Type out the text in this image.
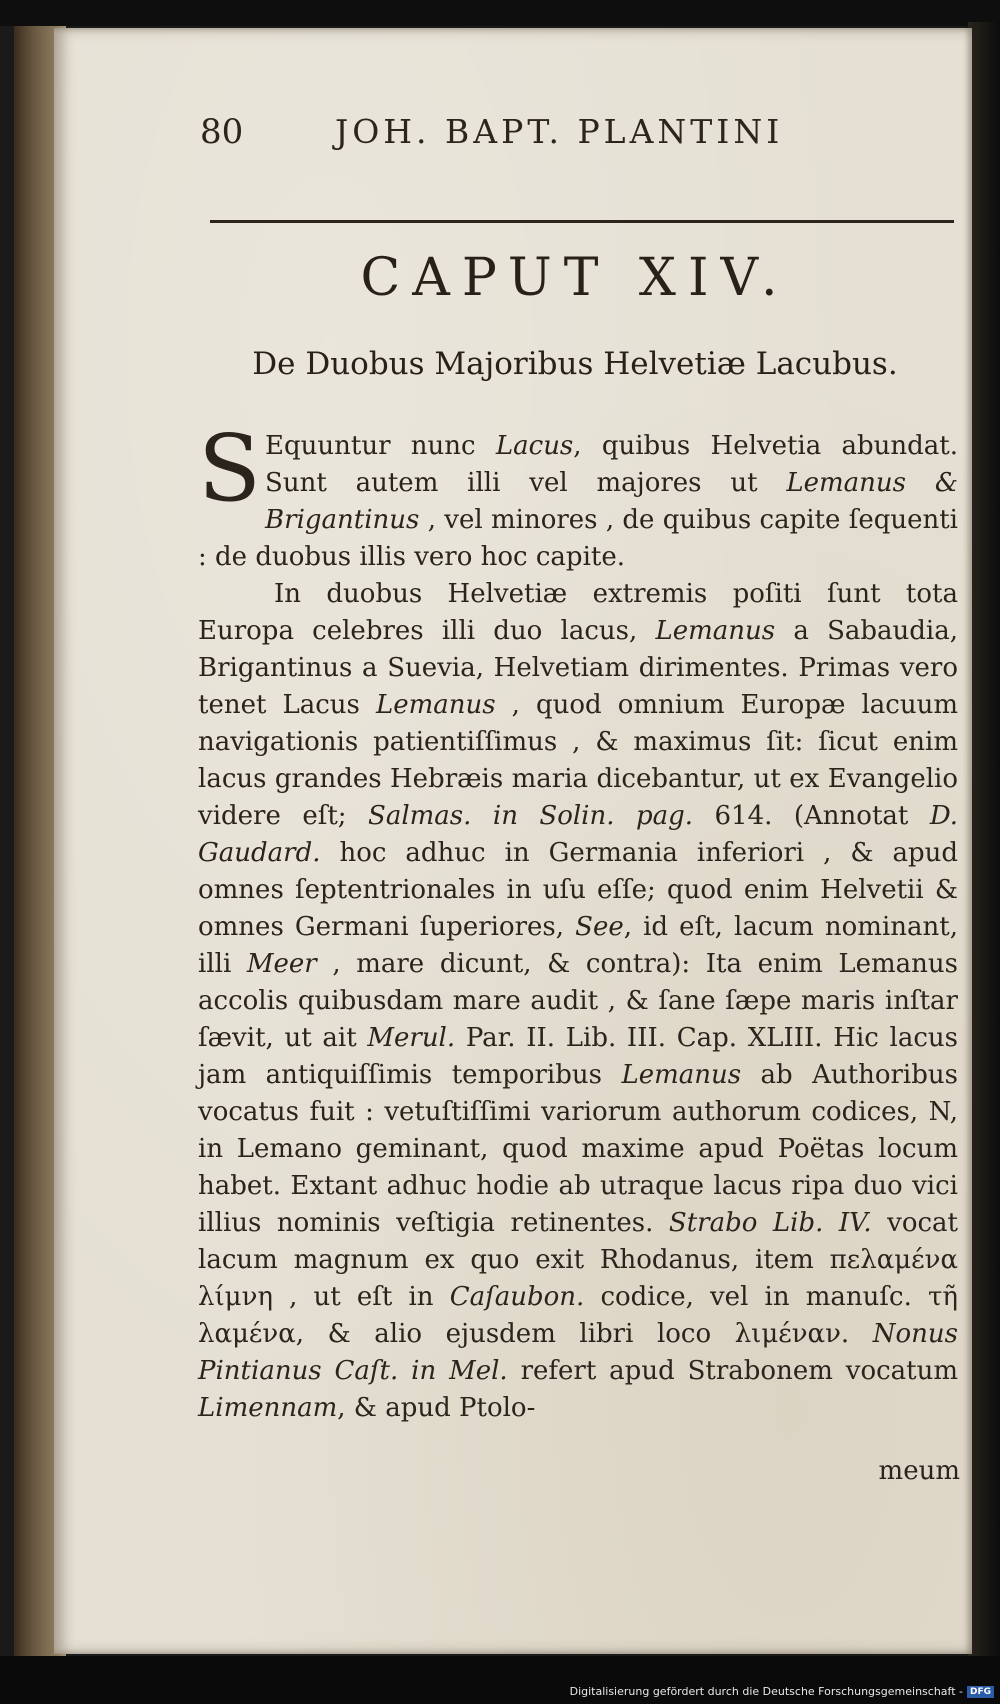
80	JOH. BAPT. PLANTINI
CAPUT XIV.
De Duobus Majoribus Helvetiæ Lacubus.

S Equuntur nunc Lacus, quibus Helvetia abundat. Sunt autem illi vel majores ut Lemanus & Brigantinus , vel minores , de quibus capite ſequenti : de duobus illis vero hoc capite.

In duobus Helvetiæ extremis poſiti ſunt tota Europa celebres illi duo lacus, Lemanus a Sabaudia, Brigantinus a Suevia, Helvetiam dirimentes. Primas vero tenet Lacus Lemanus , quod omnium Europæ lacuum navigationis patientiſſimus , & maximus ſit: ſicut enim lacus grandes Hebræis maria dicebantur, ut ex Evangelio videre eſt; Salmas. in Solin. pag. 614. (Annotat D. Gaudard. hoc adhuc in Germania inferiori , & apud omnes ſeptentrionales in uſu eſſe; quod enim Helvetii & omnes Germani ſuperiores, See, id eſt, lacum nominant, illi Meer , mare dicunt, & contra): Ita enim Lemanus accolis quibusdam mare audit , & ſane ſæpe maris inſtar ſævit, ut ait Merul. Par. II. Lib. III. Cap. XLIII. Hic lacus jam antiquiſſimis temporibus Lemanus ab Authoribus vocatus fuit : vetuſtiſſimi variorum authorum codices, N, in Lemano geminant, quod maxime apud Poëtas locum habet. Extant adhuc hodie ab utraque lacus ripa duo vici illius nominis veſtigia retinentes. Strabo Lib. IV. vocat lacum magnum ex quo exit Rhodanus, item πελαμένα λίμνη , ut eſt in Caſaubon. codice, vel in manuſc. τῆ λαμένα, & alio ejusdem libri loco λιμέναν. Nonus Pintianus Caſt. in Mel. refert apud Strabonem vocatum Limennam, & apud Ptolo-

meum
Digitalisierung gefördert durch die Deutsche Forschungsgemeinschaft - DFG
